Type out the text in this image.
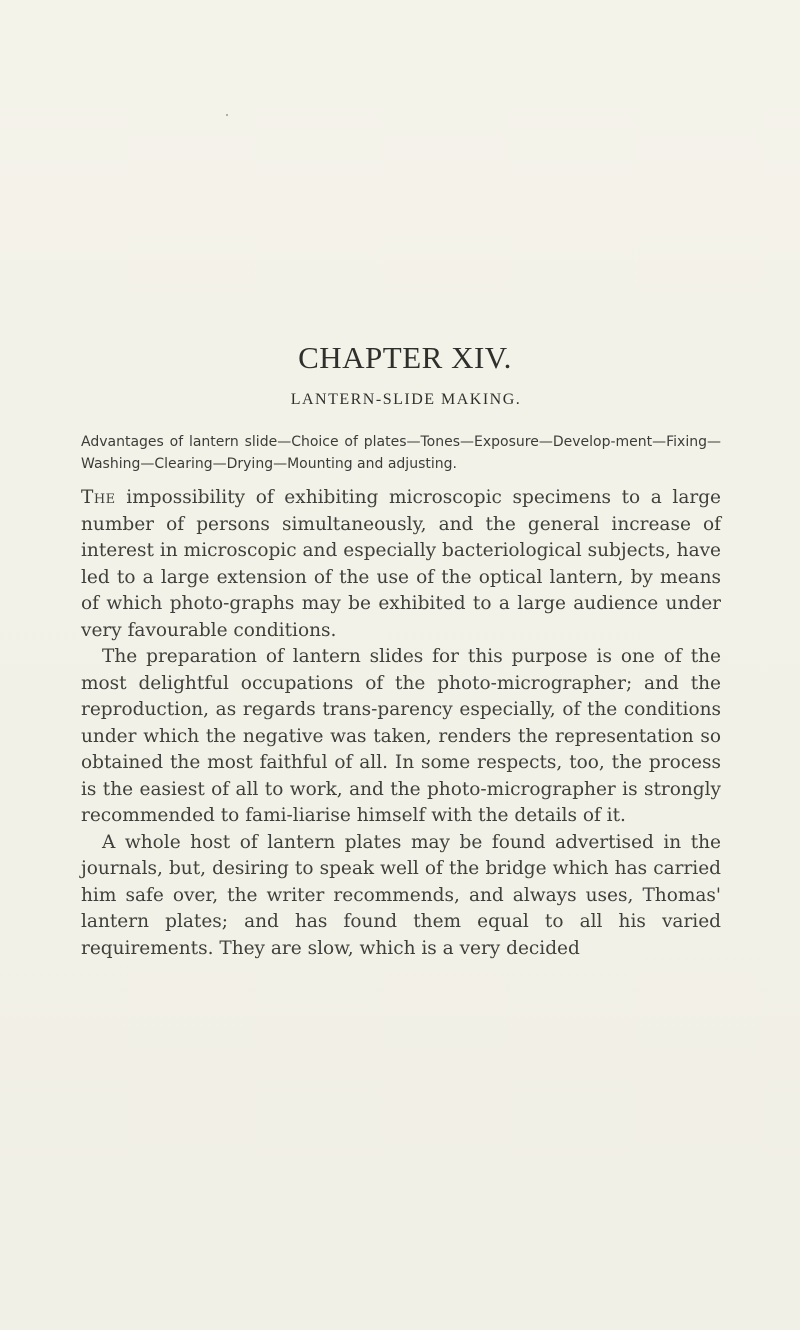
CHAPTER XIV.
LANTERN-SLIDE MAKING.

Advantages of lantern slide—Choice of plates—Tones—Exposure—Develop-ment—Fixing—Washing—Clearing—Drying—Mounting and adjusting.

The impossibility of exhibiting microscopic specimens to a large number of persons simultaneously, and the general increase of interest in microscopic and especially bacteriological subjects, have led to a large extension of the use of the optical lantern, by means of which photo-graphs may be exhibited to a large audience under very favourable conditions.

The preparation of lantern slides for this purpose is one of the most delightful occupations of the photo-micrographer; and the reproduction, as regards trans-parency especially, of the conditions under which the negative was taken, renders the representation so obtained the most faithful of all. In some respects, too, the process is the easiest of all to work, and the photo-micrographer is strongly recommended to fami-liarise himself with the details of it.

A whole host of lantern plates may be found advertised in the journals, but, desiring to speak well of the bridge which has carried him safe over, the writer recommends, and always uses, Thomas' lantern plates; and has found them equal to all his varied requirements. They are slow, which is a very decided
